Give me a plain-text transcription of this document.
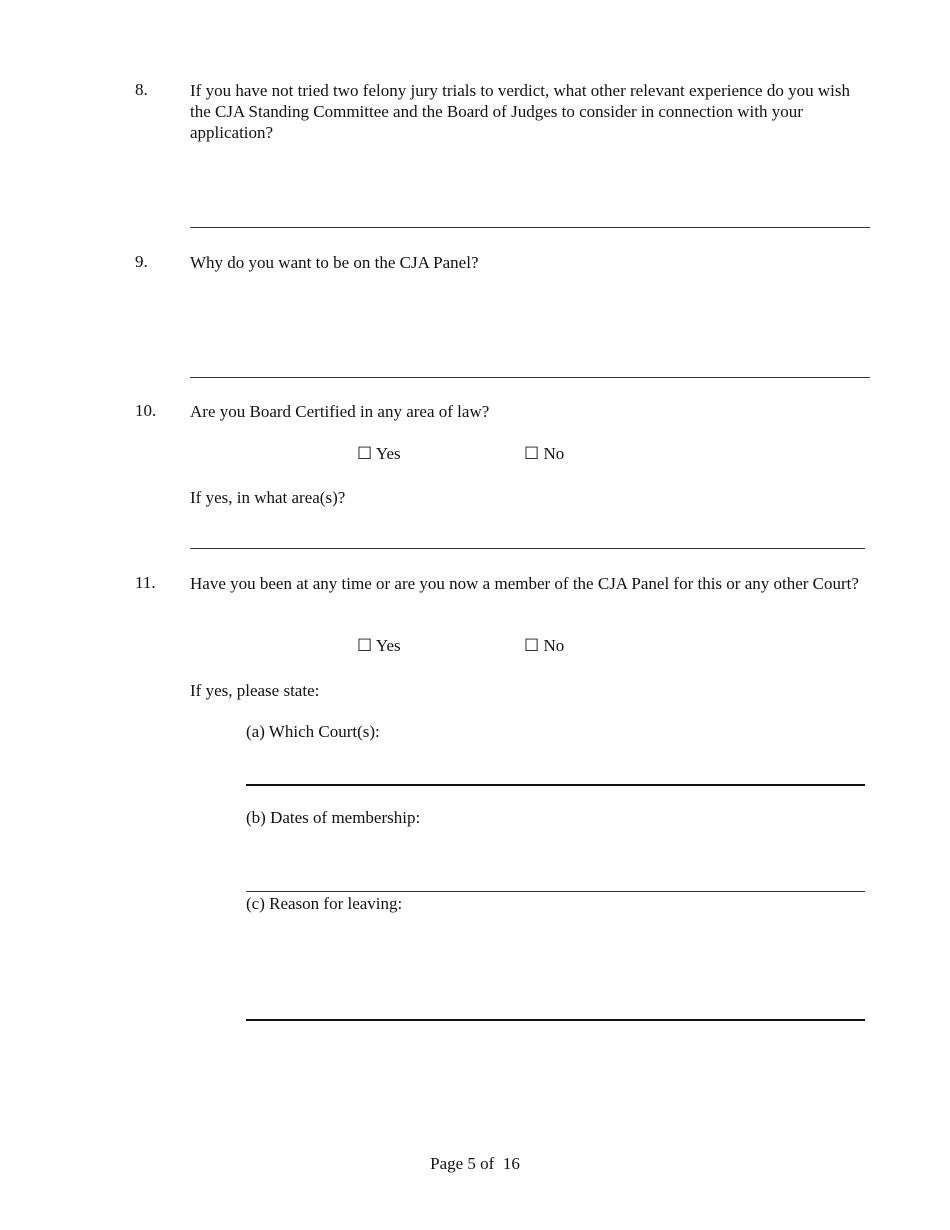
8. If you have not tried two felony jury trials to verdict, what other relevant experience do you wish the CJA Standing Committee and the Board of Judges to consider in connection with your application?
9. Why do you want to be on the CJA Panel?
10. Are you Board Certified in any area of law?
☐ Yes	☐ No
If yes, in what area(s)?
11. Have you been at any time or are you now a member of the CJA Panel for this or any other Court?
☐ Yes	☐ No
If yes, please state:
(a) Which Court(s):
(b) Dates of membership:
(c) Reason for leaving:
Page 5 of  16
